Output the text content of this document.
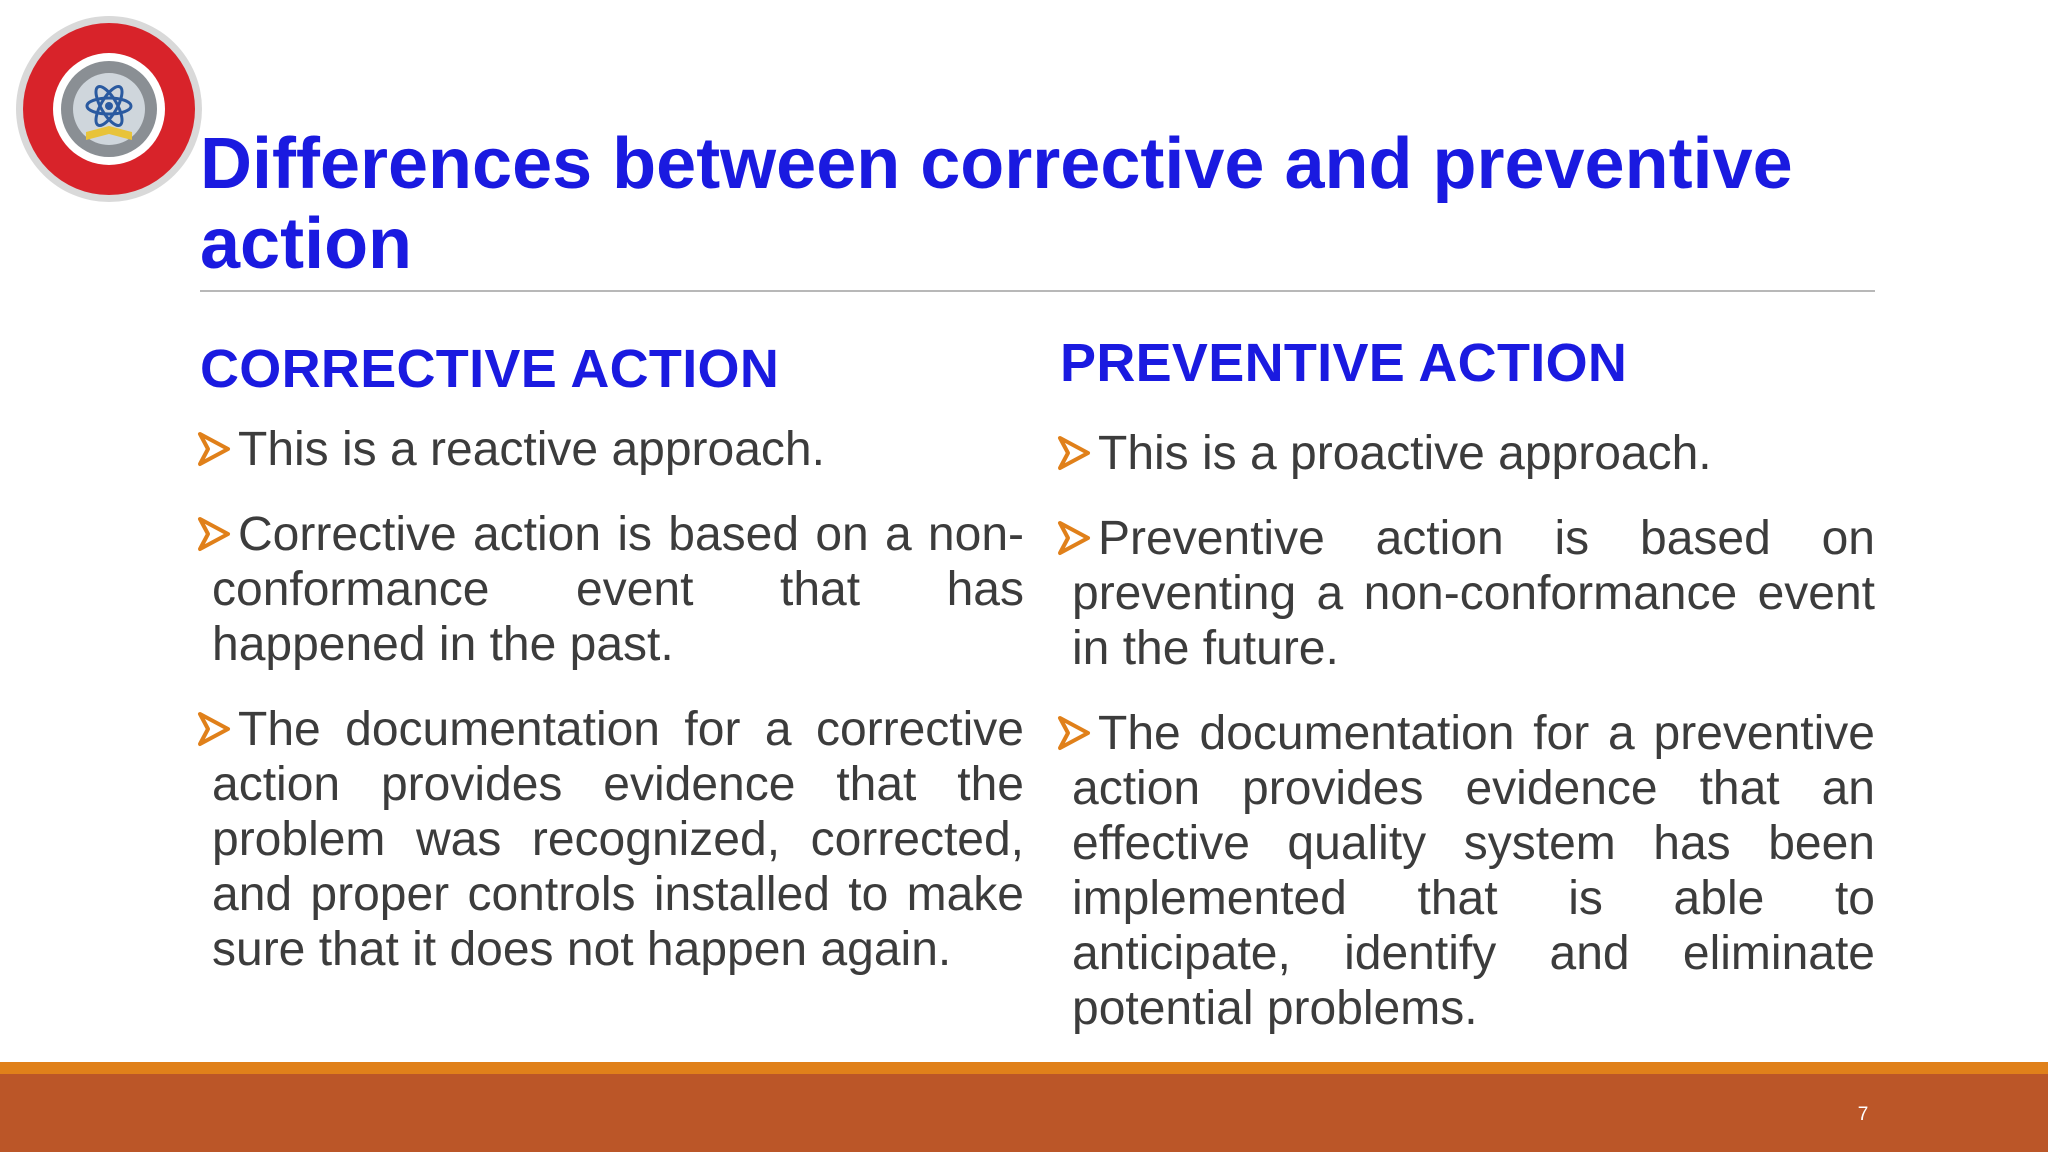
Differences between corrective and preventive action
CORRECTIVE ACTION

This is a reactive approach.

Corrective action is based on a non-conformance event that has happened in the past.

The documentation for a corrective action provides evidence that the problem was recognized, corrected, and proper controls installed to make sure that it does not happen again.

PREVENTIVE ACTION

This is a proactive approach.

Preventive action is based on preventing a non-conformance event in the future.

The documentation for a preventive action provides evidence that an effective quality system has been implemented that is able to anticipate, identify and eliminate potential problems.

7
